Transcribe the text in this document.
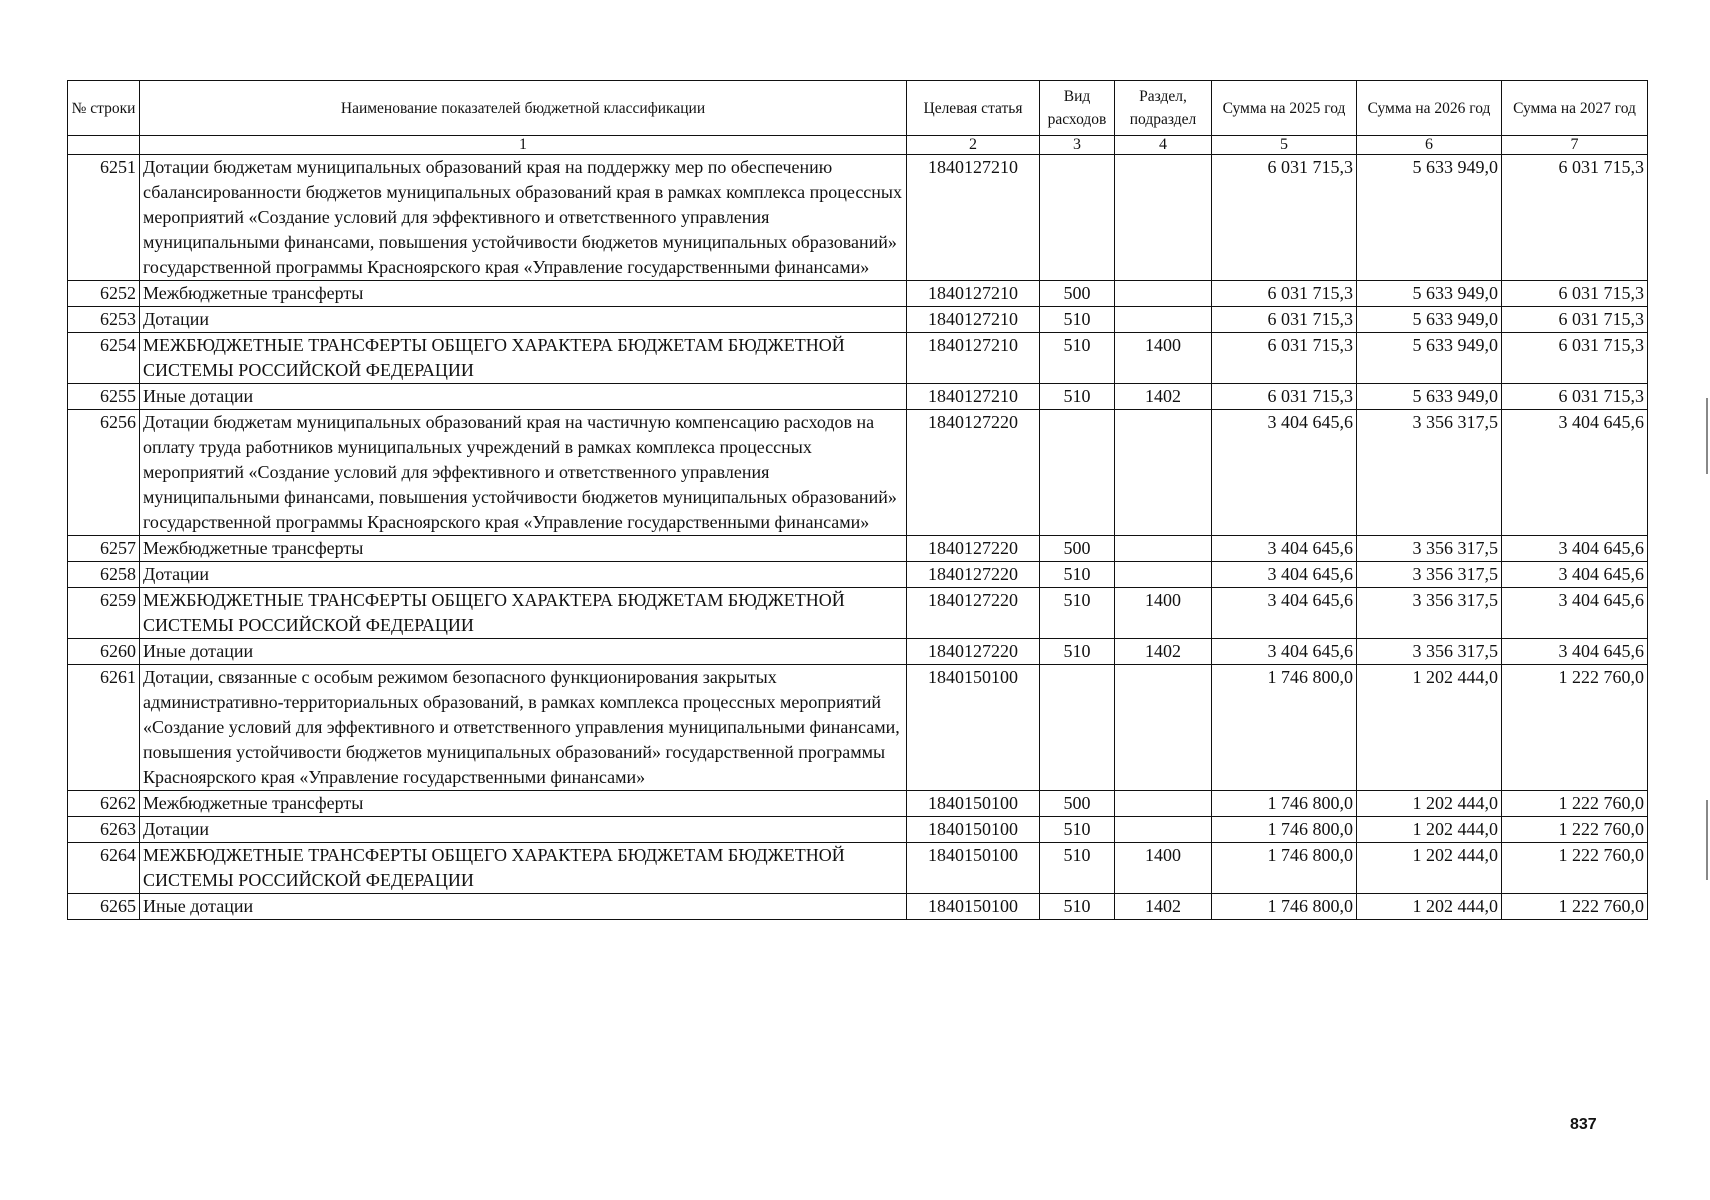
№ строки	Наименование показателей бюджетной классификации	Целевая статья	Вид расходов	Раздел, подраздел	Сумма на 2025 год	Сумма на 2026 год	Сумма на 2027 год
	1	2	3	4	5	6	7
6251	Дотации бюджетам муниципальных образований края на поддержку мер по обеспечению сбалансированности бюджетов муниципальных образований края в рамках комплекса процессных мероприятий «Создание условий для эффективного и ответственного управления муниципальными финансами, повышения устойчивости бюджетов муниципальных образований» государственной программы Красноярского края «Управление государственными финансами»	1840127210			6 031 715,3	5 633 949,0	6 031 715,3
6252	Межбюджетные трансферты	1840127210	500		6 031 715,3	5 633 949,0	6 031 715,3
6253	Дотации	1840127210	510		6 031 715,3	5 633 949,0	6 031 715,3
6254	МЕЖБЮДЖЕТНЫЕ ТРАНСФЕРТЫ ОБЩЕГО ХАРАКТЕРА БЮДЖЕТАМ БЮДЖЕТНОЙ СИСТЕМЫ РОССИЙСКОЙ ФЕДЕРАЦИИ	1840127210	510	1400	6 031 715,3	5 633 949,0	6 031 715,3
6255	Иные дотации	1840127210	510	1402	6 031 715,3	5 633 949,0	6 031 715,3
6256	Дотации бюджетам муниципальных образований края на частичную компенсацию расходов на оплату труда работников муниципальных учреждений в рамках комплекса процессных мероприятий «Создание условий для эффективного и ответственного управления муниципальными финансами, повышения устойчивости бюджетов муниципальных образований» государственной программы Красноярского края «Управление государственными финансами»	1840127220			3 404 645,6	3 356 317,5	3 404 645,6
6257	Межбюджетные трансферты	1840127220	500		3 404 645,6	3 356 317,5	3 404 645,6
6258	Дотации	1840127220	510		3 404 645,6	3 356 317,5	3 404 645,6
6259	МЕЖБЮДЖЕТНЫЕ ТРАНСФЕРТЫ ОБЩЕГО ХАРАКТЕРА БЮДЖЕТАМ БЮДЖЕТНОЙ СИСТЕМЫ РОССИЙСКОЙ ФЕДЕРАЦИИ	1840127220	510	1400	3 404 645,6	3 356 317,5	3 404 645,6
6260	Иные дотации	1840127220	510	1402	3 404 645,6	3 356 317,5	3 404 645,6
6261	Дотации, связанные с особым режимом безопасного функционирования закрытых административно-территориальных образований, в рамках комплекса процессных мероприятий «Создание условий для эффективного и ответственного управления муниципальными финансами, повышения устойчивости бюджетов муниципальных образований» государственной программы Красноярского края «Управление государственными финансами»	1840150100			1 746 800,0	1 202 444,0	1 222 760,0
6262	Межбюджетные трансферты	1840150100	500		1 746 800,0	1 202 444,0	1 222 760,0
6263	Дотации	1840150100	510		1 746 800,0	1 202 444,0	1 222 760,0
6264	МЕЖБЮДЖЕТНЫЕ ТРАНСФЕРТЫ ОБЩЕГО ХАРАКТЕРА БЮДЖЕТАМ БЮДЖЕТНОЙ СИСТЕМЫ РОССИЙСКОЙ ФЕДЕРАЦИИ	1840150100	510	1400	1 746 800,0	1 202 444,0	1 222 760,0
6265	Иные дотации	1840150100	510	1402	1 746 800,0	1 202 444,0	1 222 760,0
837
